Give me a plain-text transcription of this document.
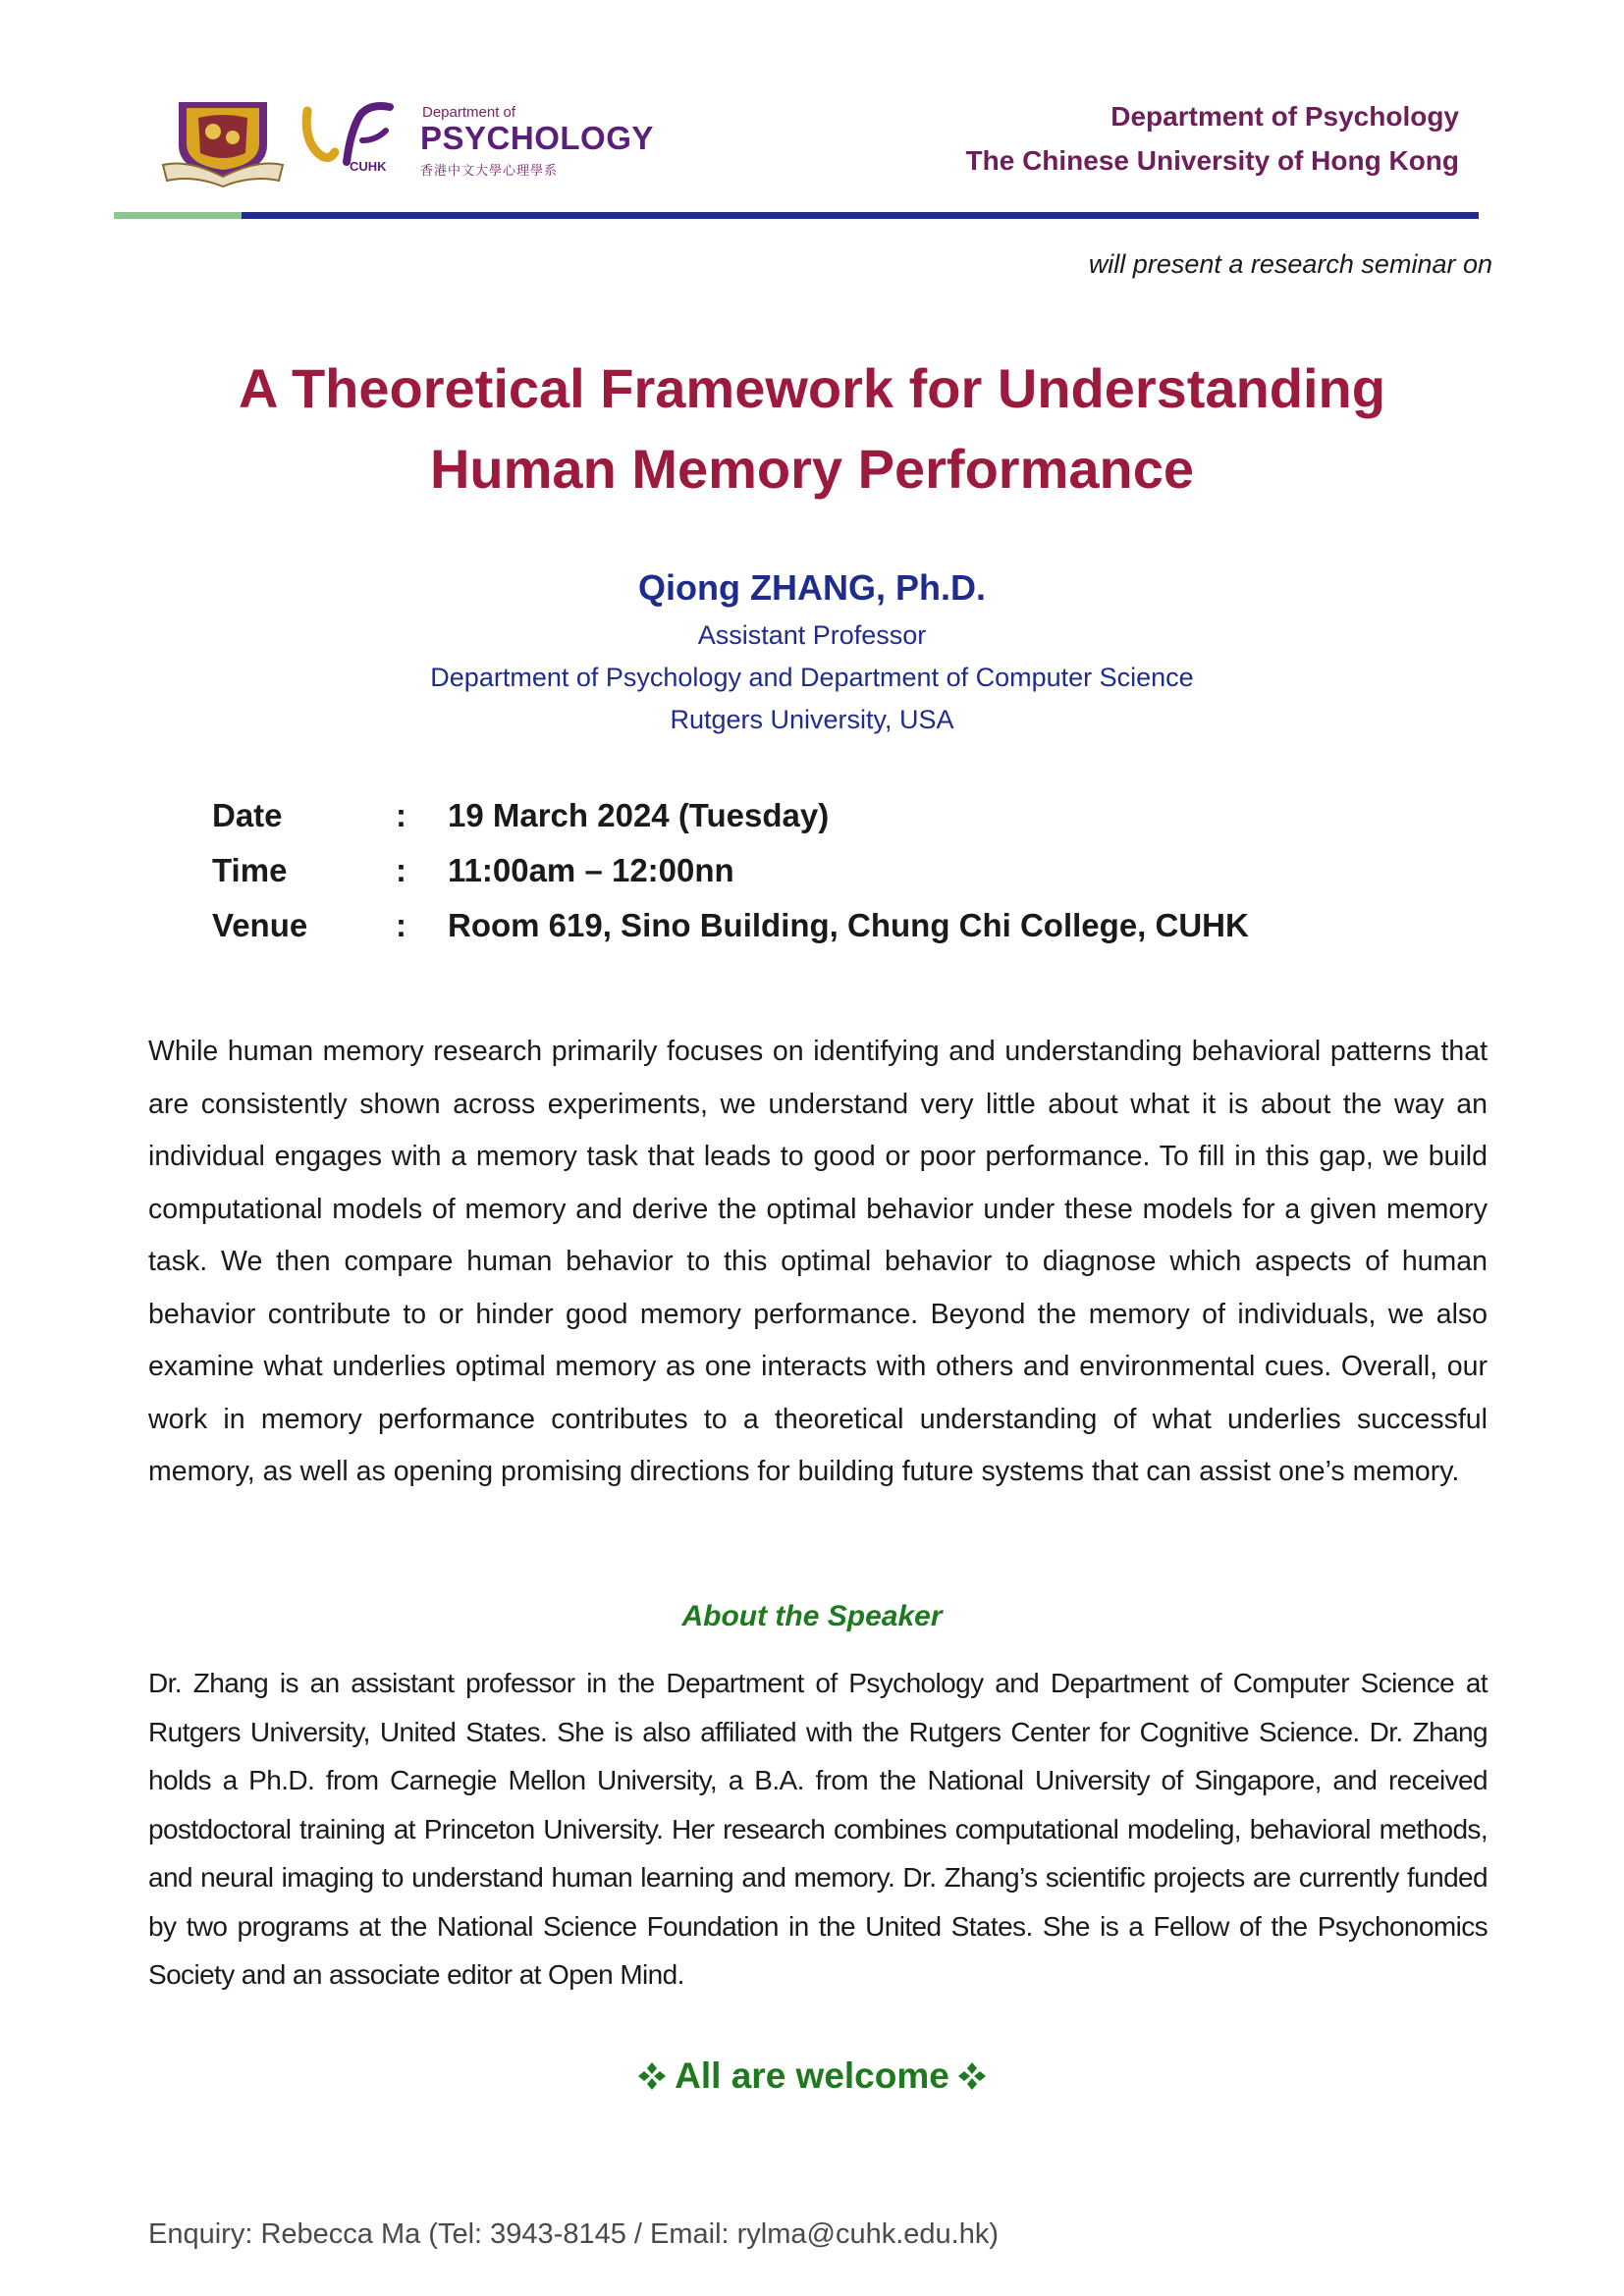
Department of
PSYCHOLOGY
CUHK	香港中文大學心理學系
Department of Psychology
The Chinese University of Hong Kong
will present a research seminar on
A Theoretical Framework for Understanding
Human Memory Performance
Qiong ZHANG, Ph.D.
Assistant Professor
Department of Psychology and Department of Computer Science
Rutgers University, USA
Date	: 19 March 2024 (Tuesday)
Time	: 11:00am – 12:00nn
Venue	: Room 619, Sino Building, Chung Chi College, CUHK
While human memory research primarily focuses on identifying and understanding behavioral patterns that are consistently shown across experiments, we understand very little about what it is about the way an individual engages with a memory task that leads to good or poor performance. To fill in this gap, we build computational models of memory and derive the optimal behavior under these models for a given memory task. We then compare human behavior to this optimal behavior to diagnose which aspects of human behavior contribute to or hinder good memory performance. Beyond the memory of individuals, we also examine what underlies optimal memory as one interacts with others and environmental cues. Overall, our work in memory performance contributes to a theoretical understanding of what underlies successful memory, as well as opening promising directions for building future systems that can assist one’s memory.
About the Speaker
Dr. Zhang is an assistant professor in the Department of Psychology and Department of Computer Science at Rutgers University, United States. She is also affiliated with the Rutgers Center for Cognitive Science. Dr. Zhang holds a Ph.D. from Carnegie Mellon University, a B.A. from the National University of Singapore, and received postdoctoral training at Princeton University. Her research combines computational modeling, behavioral methods, and neural imaging to understand human learning and memory. Dr. Zhang’s scientific projects are currently funded by two programs at the National Science Foundation in the United States. She is a Fellow of the Psychonomics Society and an associate editor at Open Mind.
All are welcome
Enquiry: Rebecca Ma (Tel: 3943-8145 / Email: rylma@cuhk.edu.hk)
